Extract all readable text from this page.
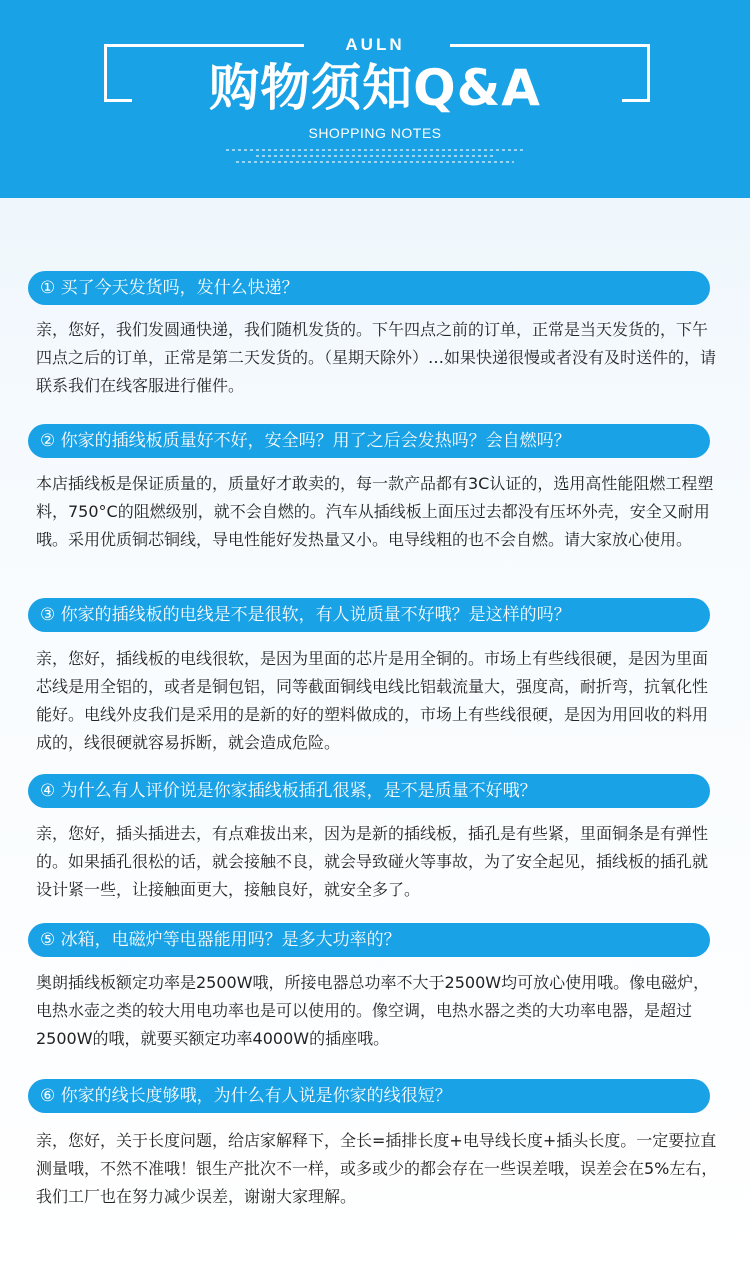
AULN
购物须知Q&A
SHOPPING NOTES
① 买了今天发货吗，发什么快递？
亲，您好，我们发圆通快递，我们随机发货的。下午四点之前的订单，正常是当天发货的，下午四点之后的订单，正常是第二天发货的。（星期天除外）…如果快递很慢或者没有及时送件的，请联系我们在线客服进行催件。
② 你家的插线板质量好不好，安全吗？用了之后会发热吗？会自燃吗？
本店插线板是保证质量的，质量好才敢卖的，每一款产品都有3C认证的，选用高性能阻燃工程塑料，750°C的阻燃级别，就不会自燃的。汽车从插线板上面压过去都没有压坏外壳，安全又耐用哦。采用优质铜芯铜线，导电性能好发热量又小。电导线粗的也不会自燃。请大家放心使用。
③ 你家的插线板的电线是不是很软，有人说质量不好哦？是这样的吗？
亲，您好，插线板的电线很软，是因为里面的芯片是用全铜的。市场上有些线很硬，是因为里面芯线是用全铝的，或者是铜包铝，同等截面铜线电线比铝载流量大，强度高，耐折弯，抗氧化性能好。电线外皮我们是采用的是新的好的塑料做成的，市场上有些线很硬，是因为用回收的料用成的，线很硬就容易拆断，就会造成危险。
④ 为什么有人评价说是你家插线板插孔很紧，是不是质量不好哦？
亲，您好，插头插进去，有点难拔出来，因为是新的插线板，插孔是有些紧，里面铜条是有弹性的。如果插孔很松的话，就会接触不良，就会导致碰火等事故，为了安全起见，插线板的插孔就设计紧一些，让接触面更大，接触良好，就安全多了。
⑤ 冰箱，电磁炉等电器能用吗？是多大功率的？
奥朗插线板额定功率是2500W哦，所接电器总功率不大于2500W均可放心使用哦。像电磁炉，电热水壶之类的较大用电功率也是可以使用的。像空调，电热水器之类的大功率电器，是超过2500W的哦，就要买额定功率4000W的插座哦。
⑥ 你家的线长度够哦，为什么有人说是你家的线很短？
亲，您好，关于长度问题，给店家解释下，全长=插排长度+电导线长度+插头长度。一定要拉直测量哦，不然不准哦！银生产批次不一样，或多或少的都会存在一些误差哦，误差会在5%左右，我们工厂也在努力减少误差，谢谢大家理解。
